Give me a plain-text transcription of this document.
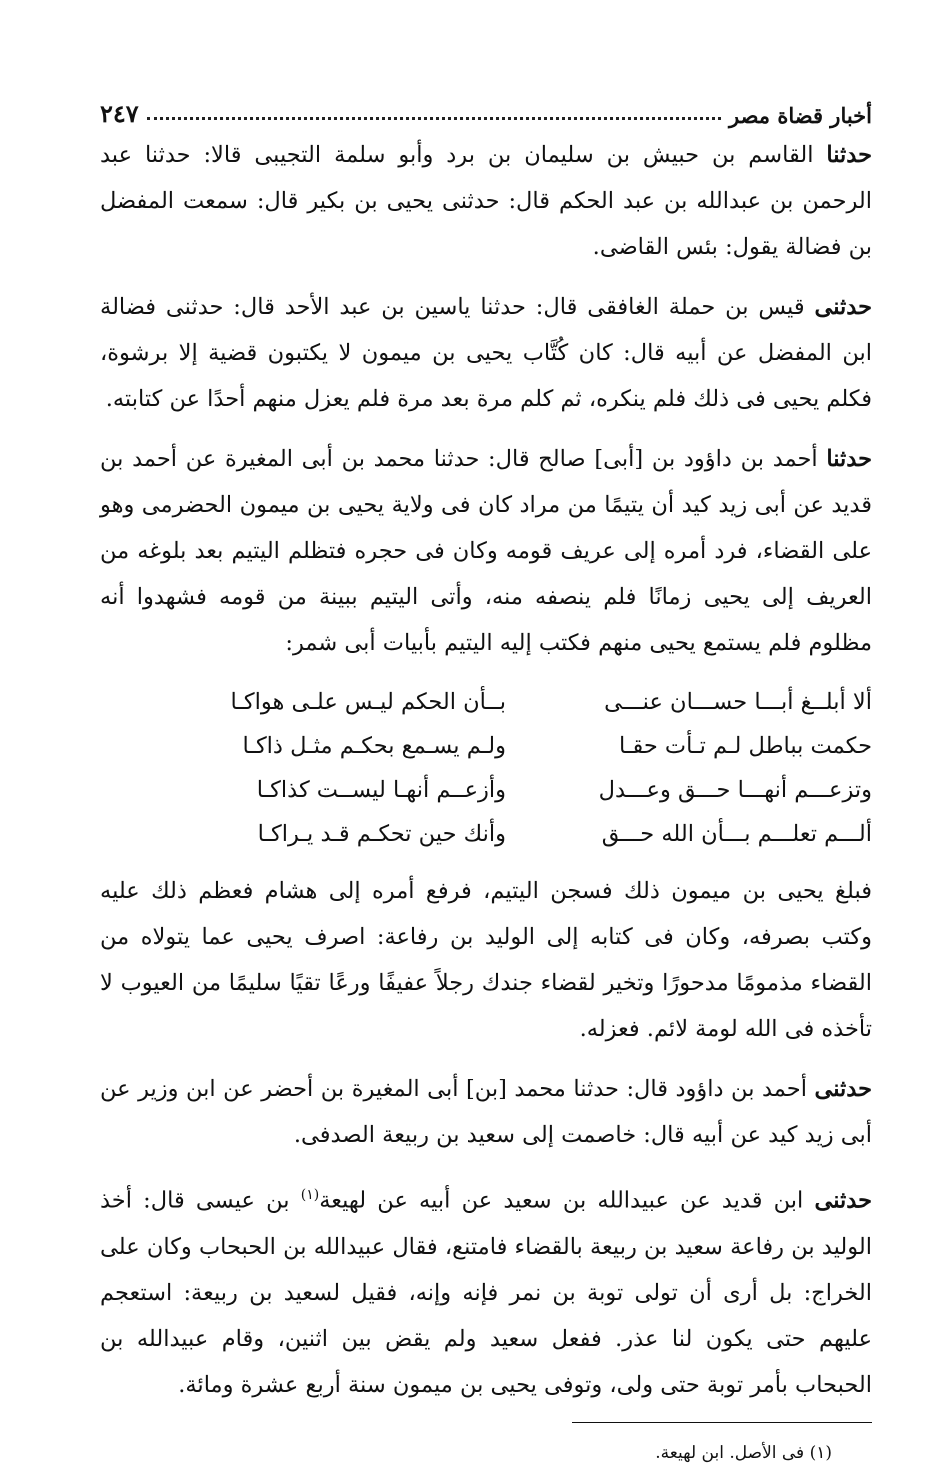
أخبار قضاة مصر
٢٤٧

حدثنا القاسم بن حبيش بن سليمان بن برد وأبو سلمة التجيبى قالا: حدثنا عبد الرحمن بن عبدالله بن عبد الحكم قال: حدثنى يحيى بن بكير قال: سمعت المفضل بن فضالة يقول: بئس القاضى.

حدثنى قيس بن حملة الغافقى قال: حدثنا ياسين بن عبد الأحد قال: حدثنى فضالة ابن المفضل عن أبيه قال: كان كُتَّاب يحيى بن ميمون لا يكتبون قضية إلا برشوة، فكلم يحيى فى ذلك فلم ينكره، ثم كلم مرة بعد مرة فلم يعزل منهم أحدًا عن كتابته.

حدثنا أحمد بن داؤود بن [أبى] صالح قال: حدثنا محمد بن أبى المغيرة عن أحمد بن قديد عن أبى زيد كيد أن يتيمًا من مراد كان فى ولاية يحيى بن ميمون الحضرمى وهو على القضاء، فرد أمره إلى عريف قومه وكان فى حجره فتظلم اليتيم بعد بلوغه من العريف إلى يحيى زمانًا فلم ينصفه منه، وأتى اليتيم ببينة من قومه فشهدوا أنه مظلوم فلم يستمع يحيى منهم فكتب إليه اليتيم بأبيات أبى شمر:

ألا أبلــغ أبـــا حســـان عنـــى
بــأن الحكم ليـس علـى هواكـا
حكمت بباطل لـم تـأت حقـا
ولـم يسـمع بحكـم مثـل ذاكـا
وتزعـــم أنهـــا حـــق وعـــدل
وأزعــم أنهـا ليســت كذاكـا
ألـــم تعلـــم بـــأن الله حـــق
وأنك حين تحكـم قـد يـراكـا

فبلغ يحيى بن ميمون ذلك فسجن اليتيم، فرفع أمره إلى هشام فعظم ذلك عليه وكتب بصرفه، وكان فى كتابه إلى الوليد بن رفاعة: اصرف يحيى عما يتولاه من القضاء مذمومًا مدحورًا وتخير لقضاء جندك رجلاً عفيفًا ورعًا تقيًا سليمًا من العيوب لا تأخذه فى الله لومة لائم. فعزله.

حدثنى أحمد بن داؤود قال: حدثنا محمد [بن] أبى المغيرة بن أحضر عن ابن وزير عن أبى زيد كيد عن أبيه قال: خاصمت إلى سعيد بن ربيعة الصدفى.

حدثنى ابن قديد عن عبيدالله بن سعيد عن أبيه عن لهيعة$^{(١)}$ بن عيسى قال: أخذ الوليد بن رفاعة سعيد بن ربيعة بالقضاء فامتنع، فقال عبيدالله بن الحبحاب وكان على الخراج: بل أرى أن تولى توبة بن نمر فإنه وإنه، فقيل لسعيد بن ربيعة: استعجم عليهم حتى يكون لنا عذر. ففعل سعيد ولم يقض بين اثنين، وقام عبيدالله بن الحبحاب بأمر توبة حتى ولى، وتوفى يحيى بن ميمون سنة أربع عشرة ومائة.

(١) فى الأصل. ابن لهيعة.
